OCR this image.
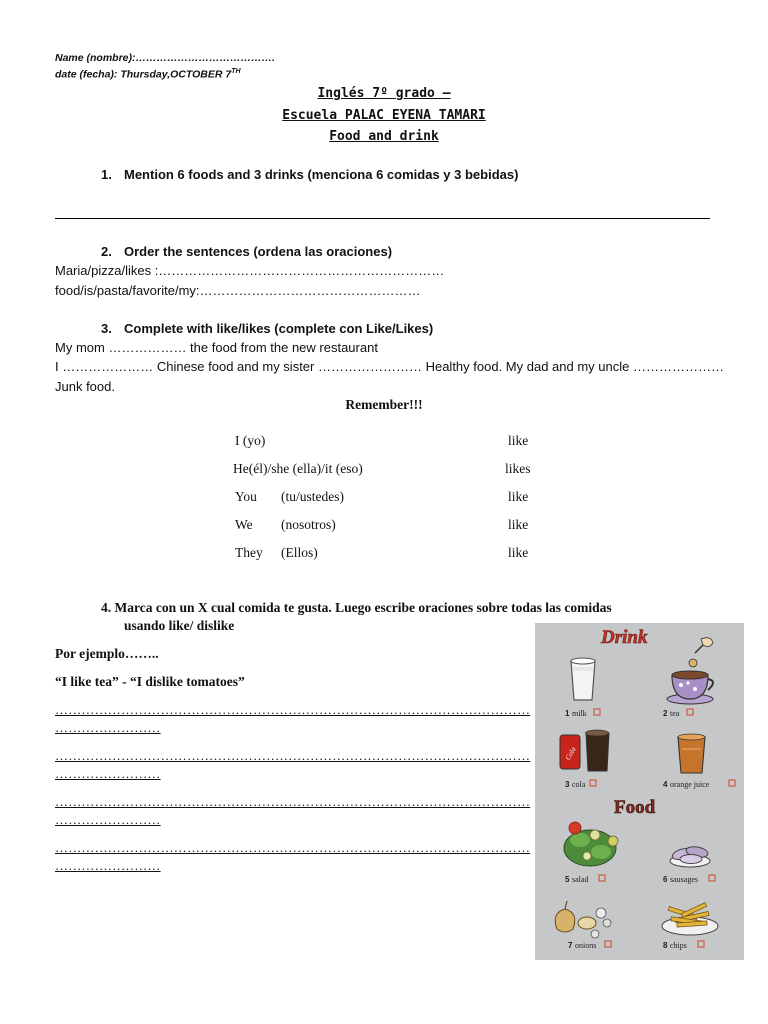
Name (nombre):………………………………….
date (fecha): Thursday,OCTOBER 7TH
Inglés 7º grado –
Escuela PALAC EYENA TAMARI
Food and drink
1. Mention 6 foods and 3 drinks (menciona 6 comidas y 3 bebidas)
2. Order the sentences (ordena las oraciones)
Maria/pizza/likes :…………………………………………………………
food/is/pasta/favorite/my:……………………………………………
3. Complete with like/likes (complete con Like/Likes)
My mom ……………… the food from the new restaurant
I ………………… Chinese food and my sister …………………… Healthy food. My dad and my uncle …………………
Junk food.
Remember!!!
I (yo)	like
He(él)/she (ella)/it (eso)	likes
You (tu/ustedes)	like
We (nosotros)	like
They (Ellos)	like
4. Marca con un X cual comida te gusta. Luego escribe oraciones sobre todas las comidas
usando like/ dislike
Por ejemplo……..
“I like tea” - “I dislike tomatoes”
………………………………………………………………………………………………
……………………
………………………………………………………………………………………………
……………………
………………………………………………………………………………………………
……………………
………………………………………………………………………………………………
……………………
Drink
1 milk	2 tea
Cola
3 cola	4 orange juice
Food
5 salad	6 sausages
7 onions	8 chips
